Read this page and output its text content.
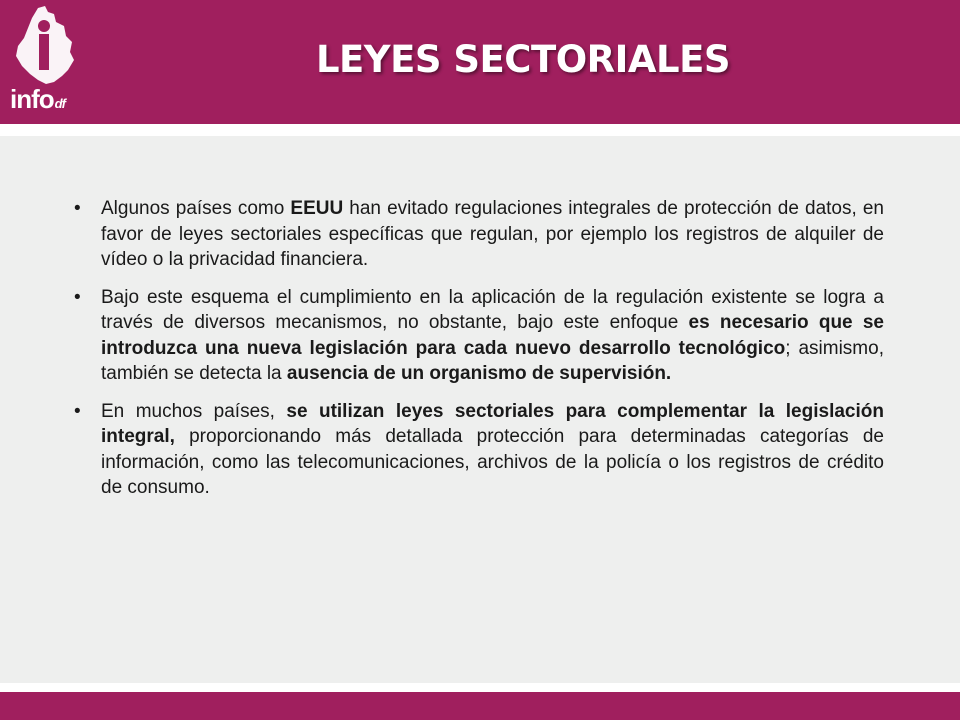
infodf
LEYES SECTORIALES
• Algunos países como EEUU han evitado regulaciones integrales de protección de datos, en favor de leyes sectoriales específicas que regulan, por ejemplo los registros de alquiler de vídeo o la privacidad financiera.
• Bajo este esquema el cumplimiento en la aplicación de la regulación existente se logra a través de diversos mecanismos, no obstante, bajo este enfoque es necesario que se introduzca una nueva legislación para cada nuevo desarrollo tecnológico; asimismo, también se detecta la ausencia de un organismo de supervisión.
• En muchos países, se utilizan leyes sectoriales para complementar la legislación integral, proporcionando más detallada protección para determinadas categorías de información, como las telecomunicaciones, archivos de la policía o los registros de crédito de consumo.
